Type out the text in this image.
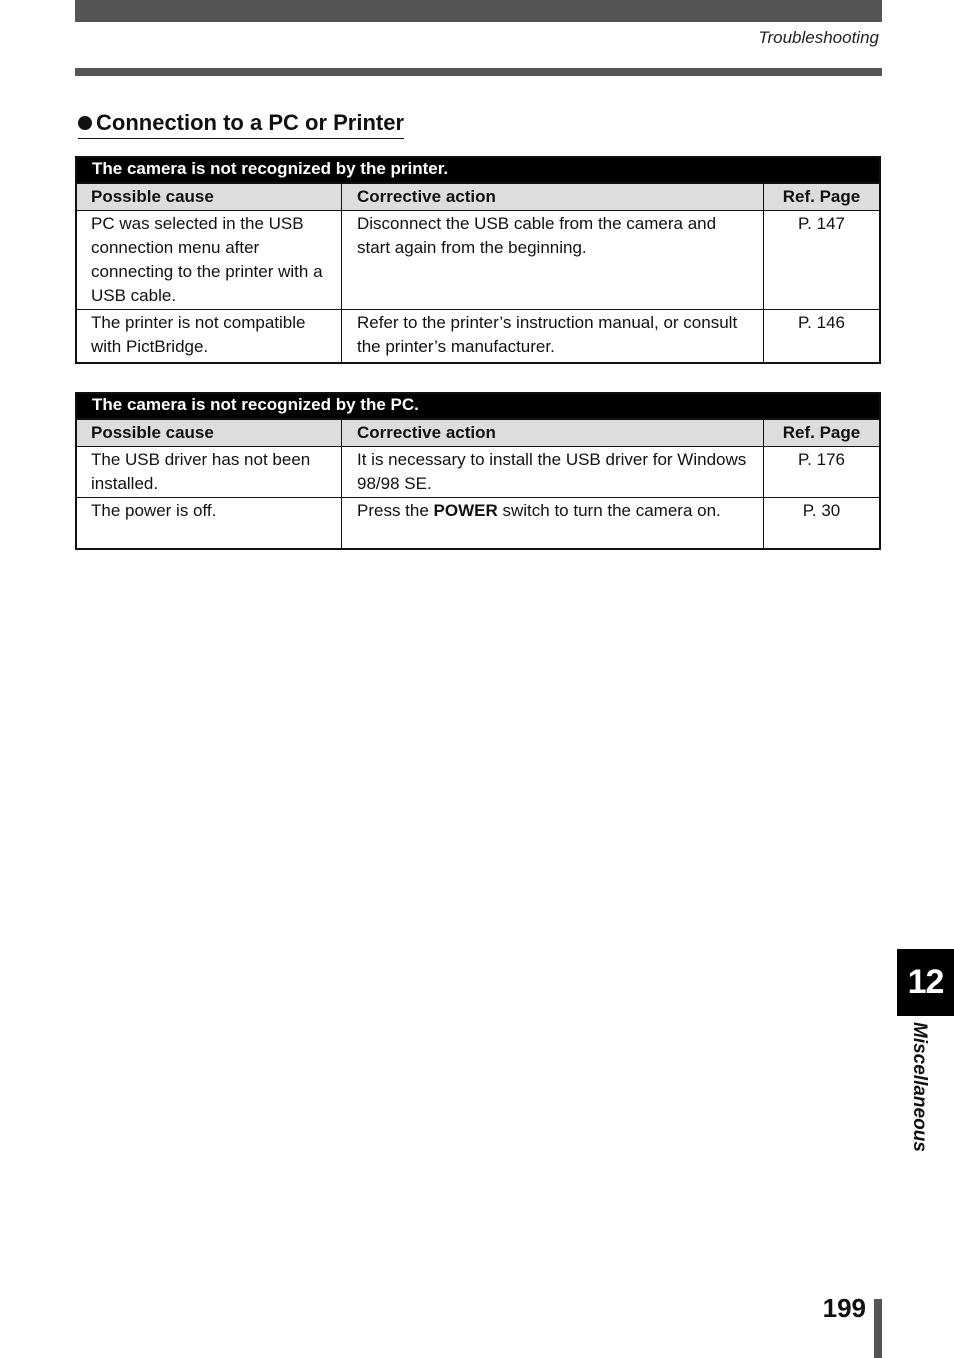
Troubleshooting
Connection to a PC or Printer
The camera is not recognized by the printer.		
Possible cause	Corrective action	Ref. Page
PC was selected in the USB connection menu after connecting to the printer with a USB cable.	Disconnect the USB cable from the camera and start again from the beginning.	P. 147
The printer is not compatible with PictBridge.	Refer to the printer’s instruction manual, or consult the printer’s manufacturer.	P. 146
The camera is not recognized by the PC.		
Possible cause	Corrective action	Ref. Page
The USB driver has not been installed.	It is necessary to install the USB driver for Windows 98/98 SE.	P. 176
The power is off.	Press the POWER switch to turn the camera on.	P. 30
12
Miscellaneous
199
